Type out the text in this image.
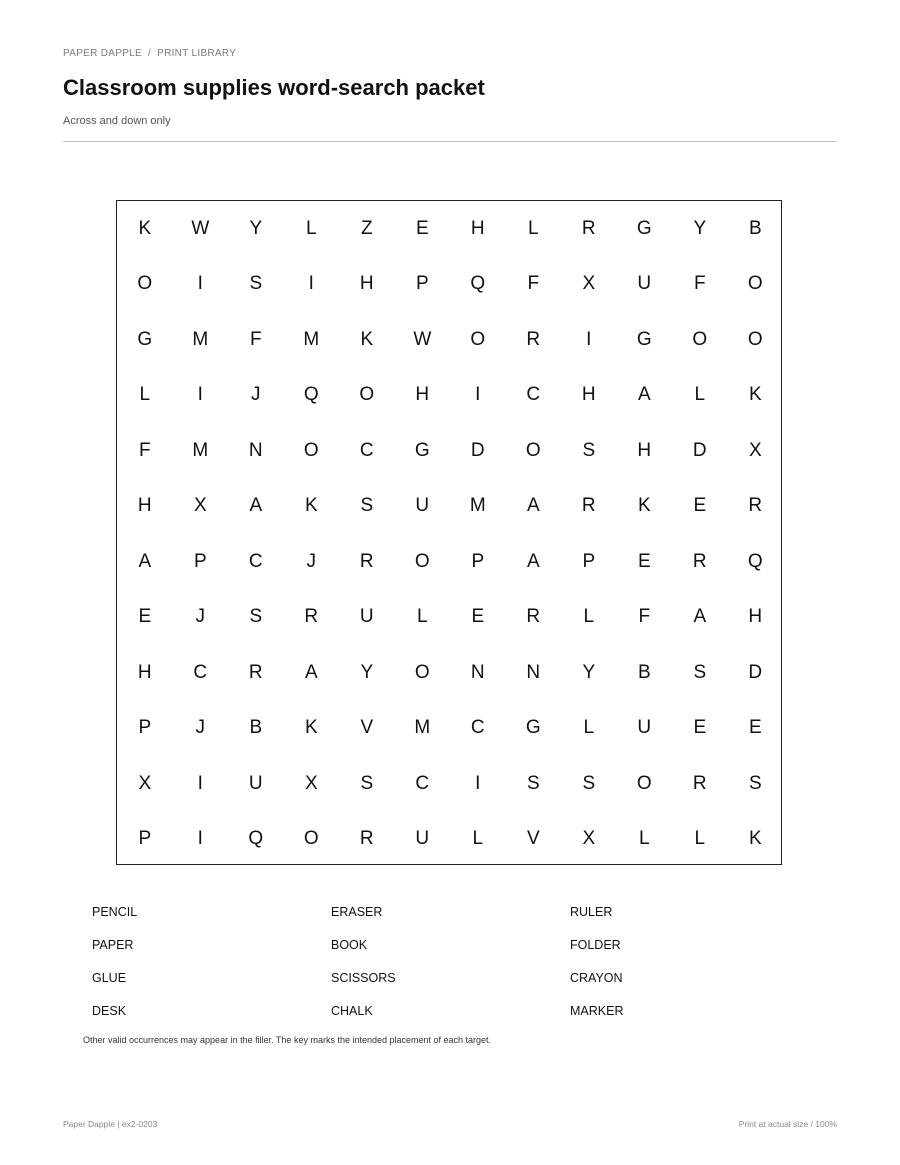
PAPER DAPPLE / PRINT LIBRARY
Classroom supplies word-search packet
Across and down only
K	W	Y	L	Z	E	H	L	R	G	Y	B
O	I	S	I	H	P	Q	F	X	U	F	O
G	M	F	M	K	W	O	R	I	G	O	O
L	I	J	Q	O	H	I	C	H	A	L	K
F	M	N	O	C	G	D	O	S	H	D	X
H	X	A	K	S	U	M	A	R	K	E	R
A	P	C	J	R	O	P	A	P	E	R	Q
E	J	S	R	U	L	E	R	L	F	A	H
H	C	R	A	Y	O	N	N	Y	B	S	D
P	J	B	K	V	M	C	G	L	U	E	E
X	I	U	X	S	C	I	S	S	O	R	S
P	I	Q	O	R	U	L	V	X	L	L	K
PENCIL	ERASER	RULER
PAPER	BOOK	FOLDER
GLUE	SCISSORS	CRAYON
DESK	CHALK	MARKER
Other valid occurrences may appear in the filler. The key marks the intended placement of each target.
Paper Dapple | ex2-0203	Print at actual size / 100%
